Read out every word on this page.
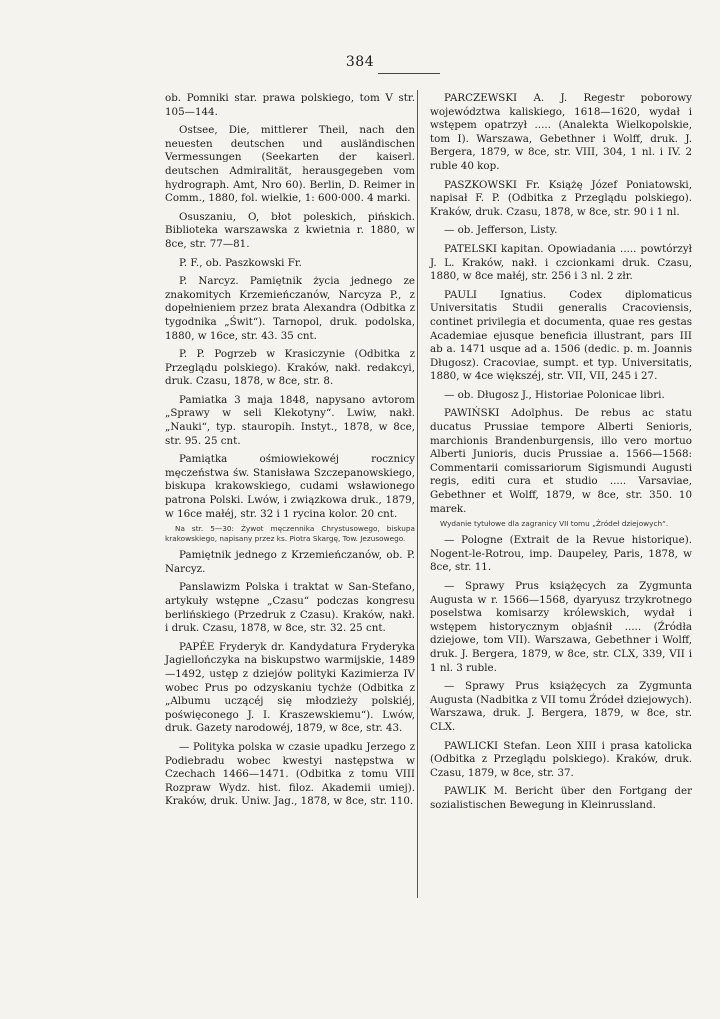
384

ob. Pomniki star. prawa polskiego, tom V str. 105—144.

Ostsee, Die, mittlerer Theil, nach den neuesten deutschen und ausländischen Vermessungen (Seekarten der kaiserl. deutschen Admiralität, herausgegeben vom hydrograph. Amt, Nro 60). Berlin, D. Reimer in Comm., 1880, fol. wielkie, 1: 600·000. 4 marki.

Osuszaniu, O, błot poleskich, pińskich. Biblioteka warszawska z kwietnia r. 1880, w 8ce, str. 77—81.

P. F., ob. Paszkowski Fr.

P. Narcyz. Pamiętnik życia jednego ze znakomitych Krzemieńczanów, Narcyza P., z dopełnieniem przez brata Alexandra (Odbitka z tygodnika „Świt“). Tarnopol, druk. podolska, 1880, w 16ce, str. 43. 35 cnt.

P. P. Pogrzeb w Krasiczynie (Odbitka z Przeglądu polskiego). Kraków, nakł. redakcyi, druk. Czasu, 1878, w 8ce, str. 8.

Pamiatka 3 maja 1848, napysano avtorom „Sprawy w seli Klekotyny“. Lwiw, nakł. „Nauki“, typ. stauropih. Instyt., 1878, w 8ce, str. 95. 25 cnt.

Pamiątka ośmiowiekowéj rocznicy męczeństwa św. Stanisława Szczepanowskiego, biskupa krakowskiego, cudami wsławionego patrona Polski. Lwów, i związkowa druk., 1879, w 16ce małéj, str. 32 i 1 rycina kolor. 20 cnt.

Na str. 5—30: Żywot męczennika Chrystusowego, biskupa krakowskiego, napisany przez ks. Piotra Skargę, Tow. Jezusowego.

Pamiętnik jednego z Krzemieńczanów, ob. P. Narcyz.

Panslawizm Polska i traktat w San-Stefano, artykuły wstępne „Czasu“ podczas kongresu berlińskiego (Przedruk z Czasu). Kraków, nakł. i druk. Czasu, 1878, w 8ce, str. 32. 25 cnt.

PAPÉE Fryderyk dr. Kandydatura Fryderyka Jagiellończyka na biskupstwo warmijskie, 1489—1492, ustęp z dziejów polityki Kazimierza IV wobec Prus po odzyskaniu tychże (Odbitka z „Albumu uczącéj się młodzieży polskiéj, poświęconego J. I. Kraszewskiemu“). Lwów, druk. Gazety narodowéj, 1879, w 8ce, str. 43.

— Polityka polska w czasie upadku Jerzego z Podiebradu wobec kwestyi następstwa w Czechach 1466—1471. (Odbitka z tomu VIII Rozpraw Wydz. hist. filoz. Akademii umiej). Kraków, druk. Uniw. Jag., 1878, w 8ce, str. 110.

PARCZEWSKI A. J. Regestr poborowy województwa kaliskiego, 1618—1620, wydał i wstępem opatrzył ..... (Analekta Wielkopolskie, tom I). Warszawa, Gebethner i Wolff, druk. J. Bergera, 1879, w 8ce, str. VIII, 304, 1 nl. i IV. 2 ruble 40 kop.

PASZKOWSKI Fr. Książę Józef Poniatowski, napisał F. P. (Odbitka z Przeglądu polskiego). Kraków, druk. Czasu, 1878, w 8ce, str. 90 i 1 nl.

— ob. Jefferson, Listy.

PATELSKI kapitan. Opowiadania ..... powtórzył J. L. Kraków, nakł. i czcionkami druk. Czasu, 1880, w 8ce małéj, str. 256 i 3 nl. 2 złr.

PAULI Ignatius. Codex diplomaticus Universitatis Studii generalis Cracoviensis, continet privilegia et documenta, quae res gestas Academiae ejusque beneficia illustrant, pars III ab a. 1471 usque ad a. 1506 (dedic. p. m. Joannis Długosz). Cracoviae, sumpt. et typ. Universitatis, 1880, w 4ce większéj, str. VII, VII, 245 i 27.

— ob. Długosz J., Historiae Polonicae libri.

PAWIŃSKI Adolphus. De rebus ac statu ducatus Prussiae tempore Alberti Senioris, marchionis Brandenburgensis, illo vero mortuo Alberti Junioris, ducis Prussiae a. 1566—1568: Commentarii comissariorum Sigismundi Augusti regis, editi cura et studio ..... Varsaviae, Gebethner et Wolff, 1879, w 8ce, str. 350. 10 marek.

Wydanie tytułowe dla zagranicy VII tomu „Źródeł dziejowych“.

— Pologne (Extrait de la Revue historique). Nogent-le-Rotrou, imp. Daupeley, Paris, 1878, w 8ce, str. 11.

— Sprawy Prus książęcych za Zygmunta Augusta w r. 1566—1568, dyaryusz trzykrotnego poselstwa komisarzy królewskich, wydał i wstępem historycznym objaśnił ..... (Źródła dziejowe, tom VII). Warszawa, Gebethner i Wolff, druk. J. Bergera, 1879, w 8ce, str. CLX, 339, VII i 1 nl. 3 ruble.

— Sprawy Prus książęcych za Zygmunta Augusta (Nadbitka z VII tomu Źródeł dziejowych). Warszawa, druk. J. Bergera, 1879, w 8ce, str. CLX.

PAWLICKI Stefan. Leon XIII i prasa katolicka (Odbitka z Przeglądu polskiego). Kraków, druk. Czasu, 1879, w 8ce, str. 37.

PAWLIK M. Bericht über den Fortgang der sozialistischen Bewegung in Kleinrussland.
